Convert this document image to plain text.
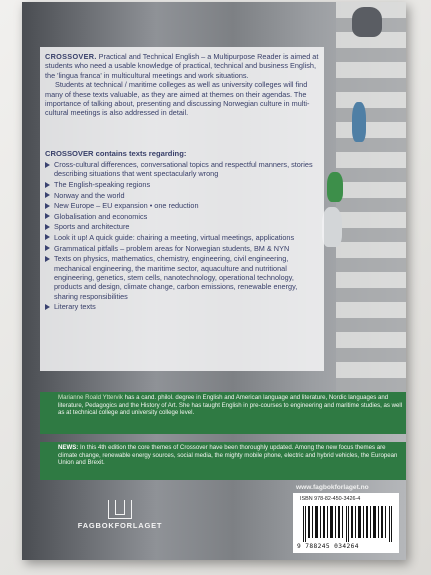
CROSSOVER. Practical and Technical English – a Multipurpose Reader is aimed at students who need a usable knowledge of practical, technical and business English, the 'lingua franca' in multicultural meetings and work situations.

Students at technical / maritime colleges as well as university colleges will find many of these texts valuable, as they are aimed at themes on their agendas. The importance of talking about, presenting and discussing Norwegian culture in multi-cultural meetings is also addressed in detail.

CROSSOVER contains texts regarding:
Cross-cultural differences, conversational topics and respectful manners, stories describing situations that went spectacularly wrong
The English-speaking regions
Norway and the world
New Europe – EU expansion • one reduction
Globalisation and economics
Sports and architecture
Look it up! A quick guide: chairing a meeting, virtual meetings, applications
Grammatical pitfalls – problem areas for Norwegian students, BM & NYN
Texts on physics, mathematics, chemistry, engineering, civil engineering, mechanical engineering, the maritime sector, aquaculture and nutritional engineering, genetics, stem cells, nanotechnology, operational technology, products and design, climate change, carbon emissions, renewable energy, sharing responsibilities
Literary texts
Marianne Roald Yttervik has a cand. philol. degree in English and American language and literature, Nordic languages and literature, Pedagogics and the History of Art. She has taught English in pre-courses to engineering and maritime studies, as well as at technical college and university college level.
NEWS: In this 4th edition the core themes of Crossover have been thoroughly updated. Among the new focus themes are climate change, renewable energy sources, social media, the mighty mobile phone, electric and hybrid vehicles, the European Union and Brexit.
FAGBOKFORLAGET
www.fagbokforlaget.no
ISBN 978-82-450-3426-4
9 788245 034264
